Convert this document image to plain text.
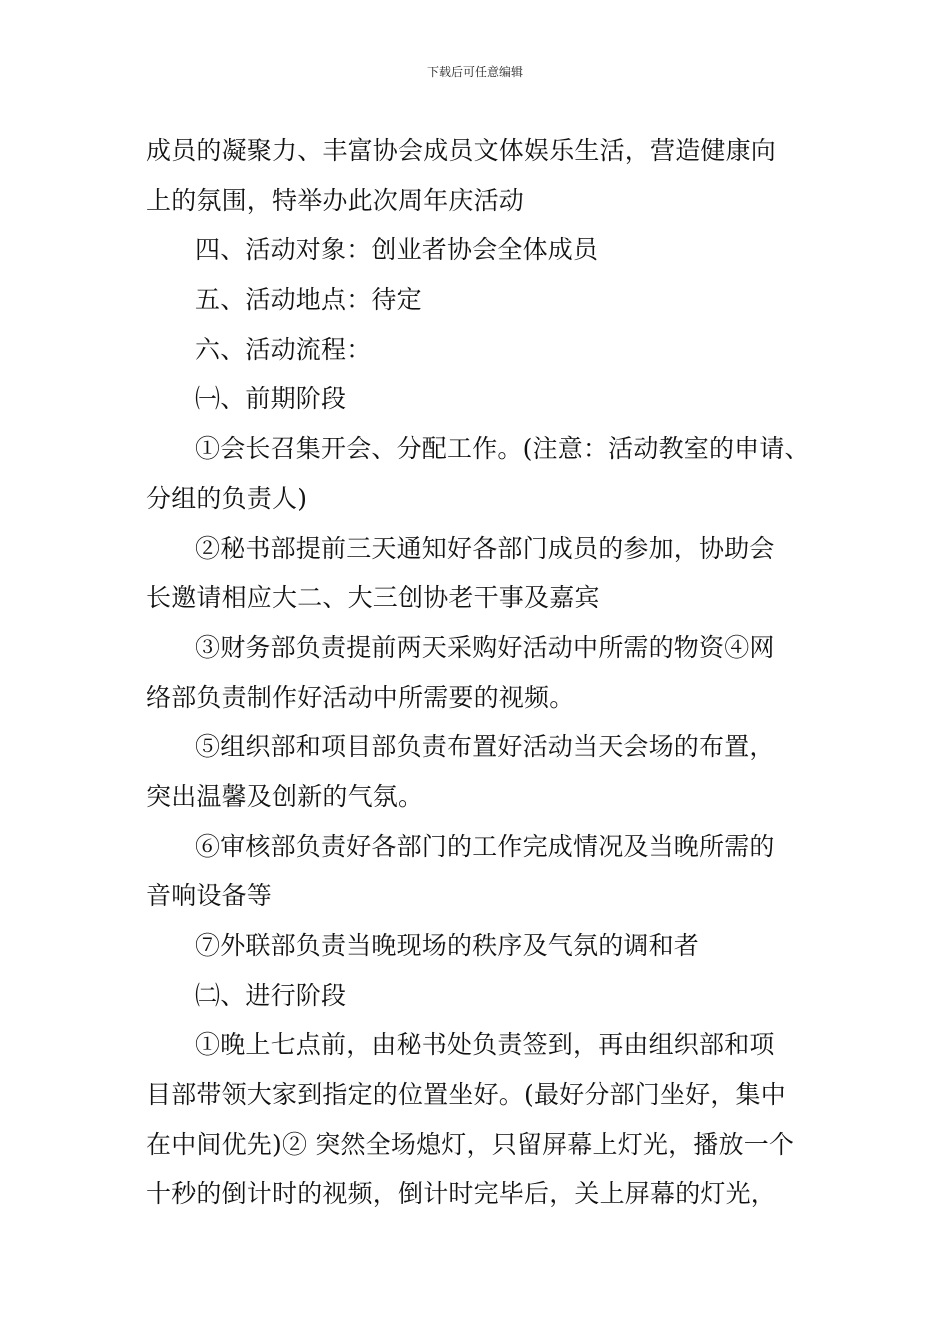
下载后可任意编辑
成员的凝聚力、丰富协会成员文体娱乐生活，营造健康向
上的氛围，特举办此次周年庆活动
四、活动对象：创业者协会全体成员
五、活动地点：待定
六、活动流程：
㈠、前期阶段
①会长召集开会、分配工作。(注意：活动教室的申请、
分组的负责人)
②秘书部提前三天通知好各部门成员的参加，协助会
长邀请相应大二、大三创协老干事及嘉宾
③财务部负责提前两天采购好活动中所需的物资④网
络部负责制作好活动中所需要的视频。
⑤组织部和项目部负责布置好活动当天会场的布置，
突出温馨及创新的气氛。
⑥审核部负责好各部门的工作完成情况及当晚所需的
音响设备等
⑦外联部负责当晚现场的秩序及气氛的调和者
㈡、进行阶段
①晚上七点前，由秘书处负责签到，再由组织部和项
目部带领大家到指定的位置坐好。(最好分部门坐好，集中
在中间优先)② 突然全场熄灯，只留屏幕上灯光，播放一个
十秒的倒计时的视频，倒计时完毕后，关上屏幕的灯光，
